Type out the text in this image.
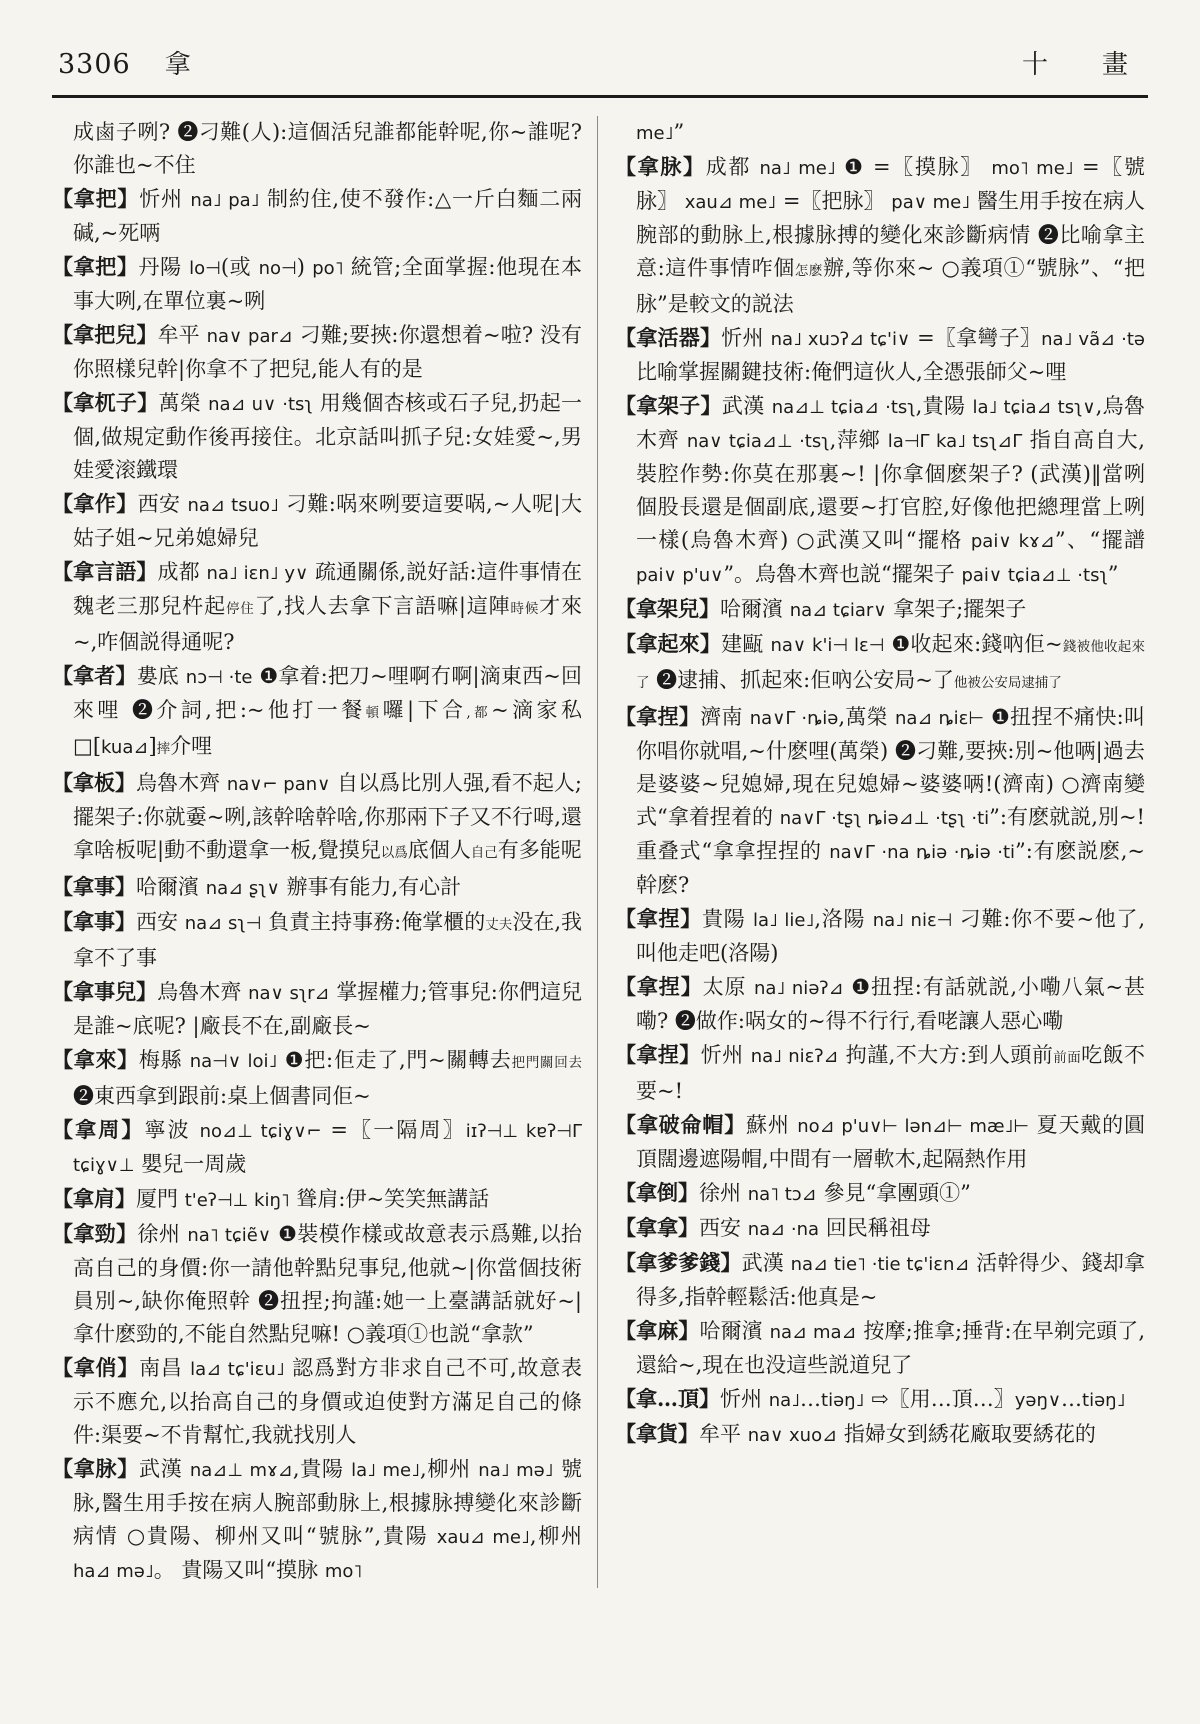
3306 拿	十　畫

成鹵子咧? ❷刁難(人):這個活兒誰都能幹呢,你~誰呢? 你誰也~不住

【拿把】忻州 na˩ pa˩ 制約住,使不發作:△一斤白麵二兩碱,~死唡

【拿把】丹陽 lo⊣(或 no⊣) po˥ 統管;全面掌握:他現在本事大咧,在單位裏~咧

【拿把兒】牟平 na∨ par⊿ 刁難;要挾:你還想着~啦? 没有你照樣兒幹|你拿不了把兒,能人有的是

【拿杌子】萬榮 na⊿ u∨ ·tsʅ 用幾個杏核或石子兒,扔起一個,做規定動作後再接住。北京話叫抓子兒:女娃愛~,男娃愛滚鐵環

【拿作】西安 na⊿ tsuo˩ 刁難:㖞來咧要這要㖞,~人呢|大姑子姐~兄弟媳婦兒

【拿言語】成都 na˩ iɛn˩ y∨ 疏通關係,説好話:這件事情在魏老三那兒杵起停住了,找人去拿下言語嘛|這陣時候才來~,咋個説得通呢?

【拿者】婁底 nɔ⊣ ·te ❶拿着:把刀~哩啊冇啊|滴東西~回來哩 ❷介詞,把:~他打一餐頓囉|下合,都~滴家私□[kua⊿]摔介哩

【拿板】烏魯木齊 na∨⌐ pan∨ 自以爲比別人强,看不起人;擺架子:你就嫑~咧,該幹啥幹啥,你那兩下子又不行呣,還拿啥板呢|動不動還拿一板,覺摸兒以爲底個人自己有多能呢

【拿事】哈爾濱 na⊿ ʂʅ∨ 辦事有能力,有心計

【拿事】西安 na⊿ sʅ⊣ 負責主持事務:俺掌櫃的丈夫没在,我拿不了事

【拿事兒】烏魯木齊 na∨ sʅr⊿ 掌握權力;管事兒:你們這兒是誰~底呢? |廠長不在,副廠長~

【拿來】梅縣 na⊣∨ loi˩ ❶把:佢走了,門~關轉去把門關回去 ❷東西拿到跟前:桌上個書同佢~

【拿周】寧波 no⊿⊥ tɕiɣ∨⌐ =〖一隔周〗iɪʔ⊣⊥ kɐʔ⊣Γ tɕiɣ∨⊥ 嬰兒一周歲

【拿肩】厦門 t'eʔ⊣⊥ kiŋ˥ 聳肩:伊~笑笑無講話

【拿勁】徐州 na˥ tɕiẽ∨ ❶裝模作樣或故意表示爲難,以抬高自己的身價:你一請他幹點兒事兒,他就~|你當個技術員別~,缺你俺照幹 ❷扭捏;拘謹:她一上臺講話就好~|拿什麽勁的,不能自然點兒嘛! ○義項①也説“拿款”

【拿俏】南昌 la⊿ tɕ'iɛu˩ 認爲對方非求自己不可,故意表示不應允,以抬高自己的身價或迫使對方滿足自己的條件:渠要~不肯幫忙,我就找別人

【拿脉】武漢 na⊿⊥ mɤ⊿,貴陽 la˩ me˩,柳州 na˩ mə˩ 號脉,醫生用手按在病人腕部動脉上,根據脉搏變化來診斷病情 ○貴陽、柳州又叫“號脉”,貴陽 xau⊿ me˩,柳州 ha⊿ mə˩。 貴陽又叫“摸脉 mo˥

me˩”

【拿脉】成都 na˩ me˩ ❶ =〖摸脉〗 mo˥ me˩ =〖號脉〗 xau⊿ me˩ =〖把脉〗 pa∨ me˩ 醫生用手按在病人腕部的動脉上,根據脉搏的變化來診斷病情 ❷比喻拿主意:這件事情咋個怎麽辦,等你來~ ○義項①“號脉”、“把脉”是較文的説法

【拿活器】忻州 na˩ xuɔʔ⊿ tɕ'i∨ =〖拿彎子〗na˩ vã⊿ ·tə 比喻掌握關鍵技術:俺們這伙人,全憑張師父~哩

【拿架子】武漢 na⊿⊥ tɕia⊿ ·tsʅ,貴陽 la˩ tɕia⊿ tsʅ∨,烏魯木齊 na∨ tɕia⊿⊥ ·tsʅ,萍鄉 la⊣Γ ka˩ tsʅ⊿Γ 指自高自大,裝腔作勢:你莫在那裏~! |你拿個麽架子? (武漢)‖當咧個股長還是個副底,還要~打官腔,好像他把總理當上咧一樣(烏魯木齊) ○武漢又叫“擺格 pai∨ kɤ⊿”、“擺譜 pai∨ p'u∨”。烏魯木齊也説“擺架子 pai∨ tɕia⊿⊥ ·tsʅ”

【拿架兒】哈爾濱 na⊿ tɕiar∨ 拿架子;擺架子

【拿起來】建甌 na∨ k'i⊣ lɛ⊣ ❶收起來:錢吶佢~錢被他收起來了 ❷逮捕、抓起來:佢吶公安局~了他被公安局逮捕了

【拿捏】濟南 na∨Γ ·ȵiə,萬榮 na⊿ ȵiɛ⊢ ❶扭捏不痛快:叫你唱你就唱,~什麽哩(萬榮) ❷刁難,要挾:別~他唡|過去是婆婆~兒媳婦,現在兒媳婦~婆婆唡!(濟南) ○濟南變式“拿着捏着的 na∨Γ ·tʂʅ ȵiə⊿⊥ ·tʂʅ ·ti”:有麽就説,別~! 重叠式“拿拿捏捏的 na∨Γ ·na ȵiə ·ȵiə ·ti”:有麽説麽,~幹麽?

【拿捏】貴陽 la˩ lie˩,洛陽 na˩ niɛ⊣ 刁難:你不要~他了,叫他走吧(洛陽)

【拿捏】太原 na˩ niəʔ⊿ ❶扭捏:有話就説,小嘞八氣~甚嘞? ❷做作:㖞女的~得不行行,看咾讓人惡心嘞

【拿捏】忻州 na˩ niɛʔ⊿ 拘謹,不大方:到人頭前前面吃飯不要~!

【拿破侖帽】蘇州 no⊿ p'u∨⊢ lən⊿⊢ mæ˩⊢ 夏天戴的圓頂闊邊遮陽帽,中間有一層軟木,起隔熱作用

【拿倒】徐州 na˥ tɔ⊿ 參見“拿團頭①”

【拿拿】西安 na⊿ ·na 回民稱祖母

【拿爹爹錢】武漢 na⊿ tie˥ ·tie tɕ'iɛn⊿ 活幹得少、錢却拿得多,指幹輕鬆活:他真是~

【拿麻】哈爾濱 na⊿ ma⊿ 按摩;推拿;捶背:在早剃完頭了,還給~,現在也没這些説道兒了

【拿…頂】忻州 na˩…tiəŋ˩ ⇨〖用…頂…〗yəŋ∨…tiəŋ˩

【拿貨】牟平 na∨ xuo⊿ 指婦女到綉花廠取要綉花的
